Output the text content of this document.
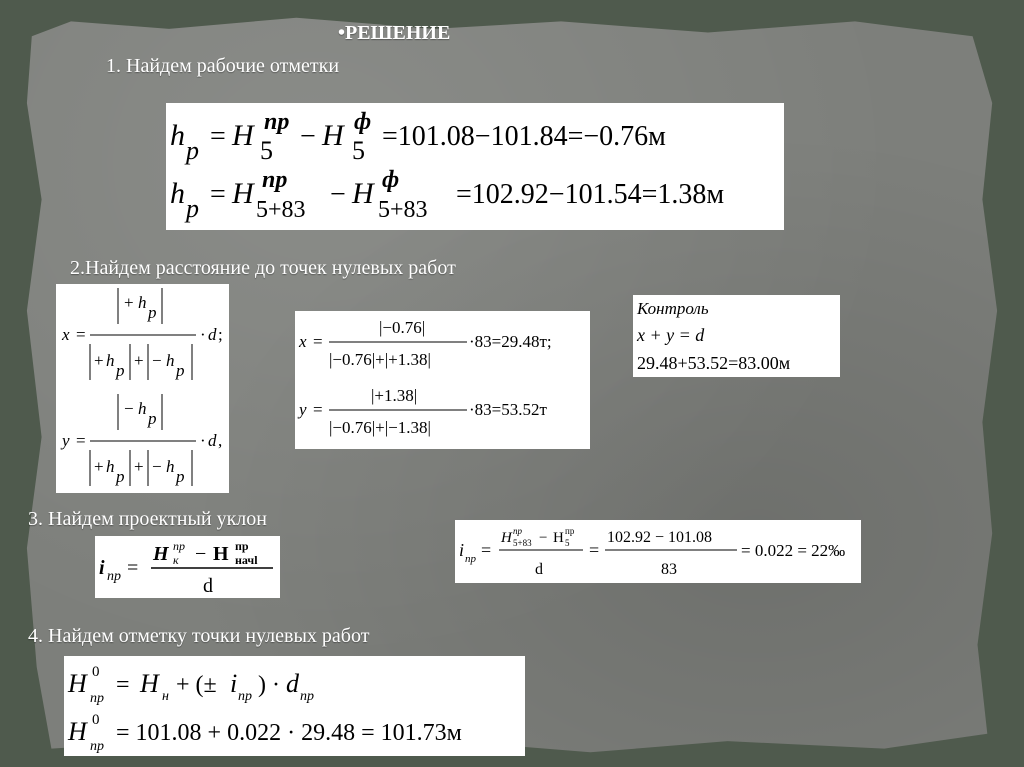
•РЕШЕНИЕ
1. Найдем рабочие отметки
2.Найдем расстояние до точек нулевых работ
3. Найдем проектный уклон
4. Найдем отметку точки нулевых работ
h p = H пр
5 − H ф
5 =101.08−101.84=−0.76м
h p = H пр
5+83 − H ф
5+83 =102.92−101.54=1.38м
+ h
p
x =
+ h
p
+ − h
p
· d ;
− h
p
y =
+ h
p
+ − h
p
· d ,
|−0.76|
x =
|−0.76|+|+1.38|
·83=29.48т;
|+1.38|
y =
|−0.76|+|−1.38|
·83=53.52т
Контроль
x + y = d
29.48+53.52=83.00м
i пр =
H пр
к − H пр
начl
d
i пр =
H пр
5+83 − H пр
5
d
=
102.92 − 101.08
83
= 0.022 = 22‰
H 0
пр
= H н + (± i пр ) · d пр
H 0
пр
= 101.08 + 0.022 · 29.48 = 101.73м
